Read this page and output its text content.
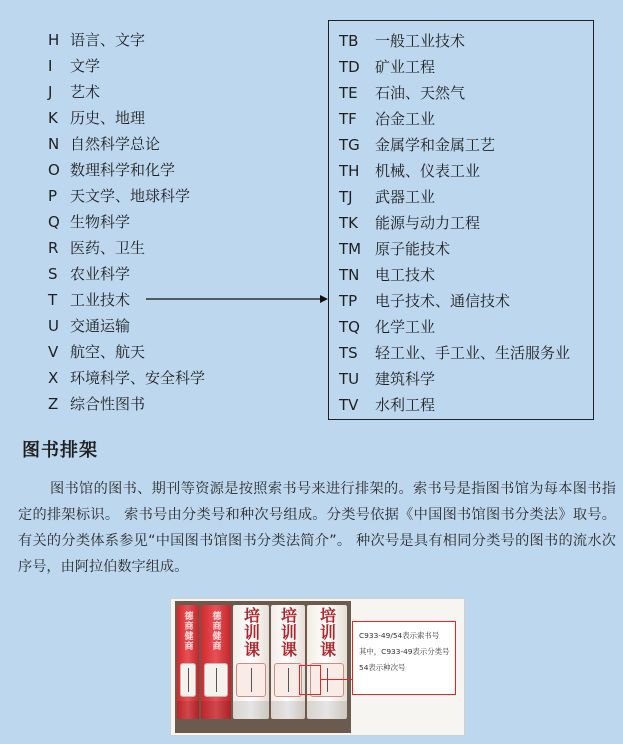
H 语言、文字
I 文学
J 艺术
K 历史、地理
N 自然科学总论
O 数理科学和化学
P 天文学、地球科学
Q 生物科学
R 医药、卫生
S 农业科学
T 工业技术
U 交通运输
V 航空、航天
X 环境科学、安全科学
Z 综合性图书
TB 一般工业技术
TD 矿业工程
TE 石油、天然气
TF 冶金工业
TG 金属学和金属工艺
TH 机械、仪表工业
TJ 武器工业
TK 能源与动力工程
TM 原子能技术
TN 电工技术
TP 电子技术、通信技术
TQ 化学工业
TS 轻工业、手工业、生活服务业
TU 建筑科学
TV 水利工程
图书排架
图书馆的图书、期刊等资源是按照索书号来进行排架的。索书号是指图书馆为每本图书指定的排架标识。 索书号由分类号和种次号组成。分类号依据《中国图书馆图书分类法》取号。有关的分类体系参见“中国图书馆图书分类法简介”。 种次号是具有相同分类号的图书的流水次序号，由阿拉伯数字组成。
德商健商 德商健商 培训课 培训课 培训课	C933-49/54表示索书号
其中，C933-49表示分类号
54表示种次号
